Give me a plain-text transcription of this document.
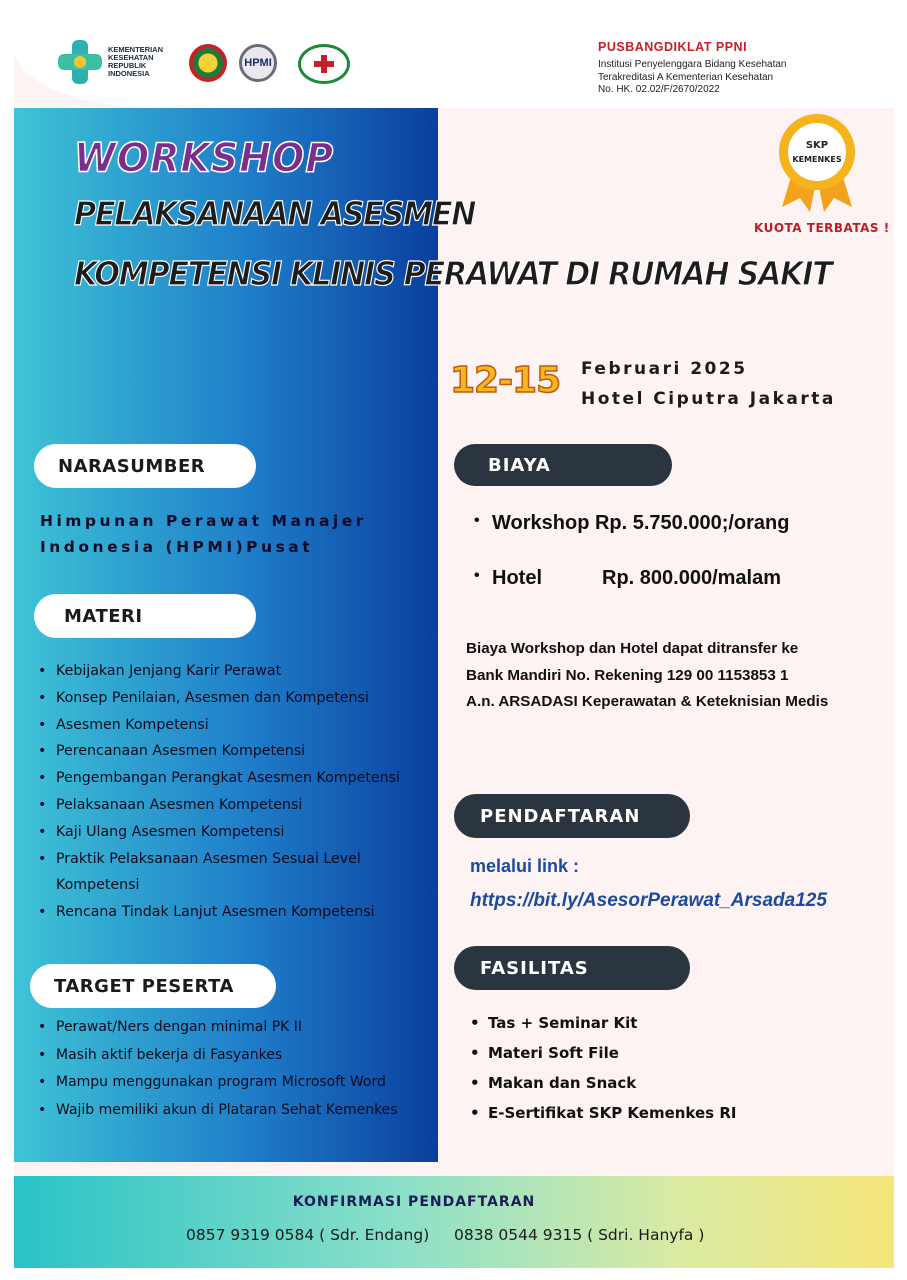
KEMENTERIAN
KESEHATAN
REPUBLIK
INDONESIA
HPMI
PUSBANGDIKLAT PPNI
Institusi Penyelenggara Bidang Kesehatan
Terakreditasi A Kementerian Kesehatan
No. HK. 02.02/F/2670/2022
WORKSHOP
PELAKSANAAN ASESMEN
KOMPETENSI KLINIS PERAWAT DI RUMAH SAKIT
SKP
KEMENKES
KUOTA TERBATAS !
12-15 Februari 2025
Hotel Ciputra Jakarta
NARASUMBER
Himpunan Perawat Manajer
Indonesia (HPMI)Pusat
MATERI
• Kebijakan Jenjang Karir Perawat
• Konsep Penilaian, Asesmen dan Kompetensi
• Asesmen Kompetensi
• Perencanaan Asesmen Kompetensi
• Pengembangan Perangkat Asesmen Kompetensi
• Pelaksanaan Asesmen Kompetensi
• Kaji Ulang Asesmen Kompetensi
• Praktik Pelaksanaan Asesmen Sesuai Level Kompetensi
• Rencana Tindak Lanjut Asesmen Kompetensi
TARGET PESERTA
• Perawat/Ners dengan minimal PK II
• Masih aktif bekerja di Fasyankes
• Mampu menggunakan program Microsoft Word
• Wajib memiliki akun di Plataran Sehat Kemenkes
BIAYA
• Workshop Rp. 5.750.000;/orang
• Hotel	Rp. 800.000/malam
Biaya Workshop dan Hotel dapat ditransfer ke
Bank Mandiri No. Rekening 129 00 1153853 1
A.n. ARSADASI Keperawatan & Keteknisian Medis
PENDAFTARAN
melalui link :
https://bit.ly/AsesorPerawat_Arsada125
FASILITAS
• Tas + Seminar Kit
• Materi Soft File
• Makan dan Snack
• E-Sertifikat SKP Kemenkes RI
KONFIRMASI PENDAFTARAN
0857 9319 0584 ( Sdr. Endang) 0838 0544 9315 ( Sdri. Hanyfa )
